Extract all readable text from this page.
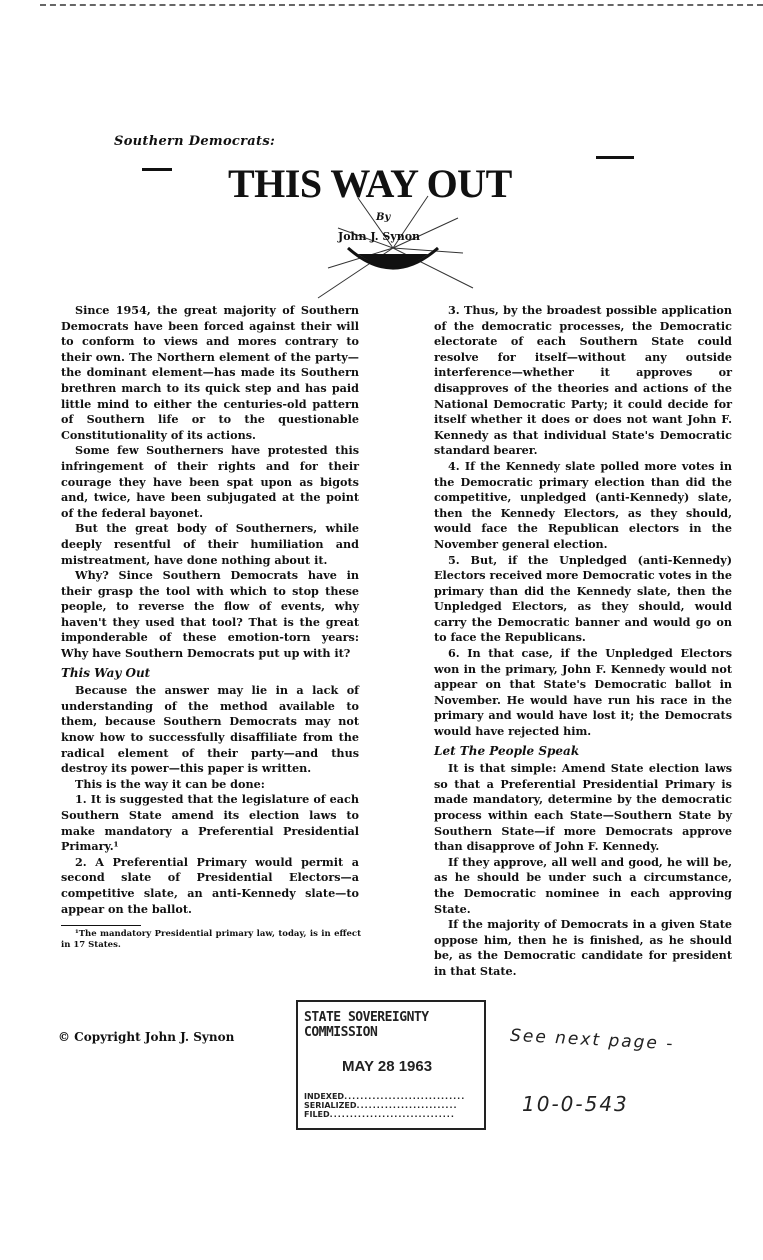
Southern Democrats:
THIS WAY OUT
By
John J. Synon

Since 1954, the great majority of Southern Democrats have been forced against their will to conform to views and mores contrary to their own. The Northern element of the party—the dominant element—has made its Southern brethren march to its quick step and has paid little mind to either the centuries-old pattern of Southern life or to the questionable Constitutionality of its actions.

Some few Southerners have protested this infringement of their rights and for their courage they have been spat upon as bigots and, twice, have been subjugated at the point of the federal bayonet.

But the great body of Southerners, while deeply resentful of their humiliation and mistreatment, have done nothing about it.

Why? Since Southern Democrats have in their grasp the tool with which to stop these people, to reverse the flow of events, why haven't they used that tool? That is the great imponderable of these emotion-torn years: Why have Southern Democrats put up with it?

This Way Out

Because the answer may lie in a lack of understanding of the method available to them, because Southern Democrats may not know how to successfully disaffiliate from the radical element of their party—and thus destroy its power—this paper is written.

This is the way it can be done:

1. It is suggested that the legislature of each Southern State amend its election laws to make mandatory a Preferential Presidential Primary.¹

2. A Preferential Primary would permit a second slate of Presidential Electors—a competitive slate, an anti-Kennedy slate—to appear on the ballot.

¹The mandatory Presidential primary law, today, is in effect in 17 States.

3. Thus, by the broadest possible application of the democratic processes, the Democratic electorate of each Southern State could resolve for itself—without any outside interference—whether it approves or disapproves of the theories and actions of the National Democratic Party; it could decide for itself whether it does or does not want John F. Kennedy as that individual State's Democratic standard bearer.

4. If the Kennedy slate polled more votes in the Democratic primary election than did the competitive, unpledged (anti-Kennedy) slate, then the Kennedy Electors, as they should, would face the Republican electors in the November general election.

5. But, if the Unpledged (anti-Kennedy) Electors received more Democratic votes in the primary than did the Kennedy slate, then the Unpledged Electors, as they should, would carry the Democratic banner and would go on to face the Republicans.

6. In that case, if the Unpledged Electors won in the primary, John F. Kennedy would not appear on that State's Democratic ballot in November. He would have run his race in the primary and would have lost it; the Democrats would have rejected him.

Let The People Speak

It is that simple: Amend State election laws so that a Preferential Presidential Primary is made mandatory, determine by the democratic process within each State—Southern State by Southern State—if more Democrats approve than disapprove of John F. Kennedy.

If they approve, all well and good, he will be, as he should be under such a circumstance, the Democratic nominee in each approving State.

If the majority of Democrats in a given State oppose him, then he is finished, as he should be, as the Democratic candidate for president in that State.

© Copyright John J. Synon
STATE SOVEREIGNTY COMMISSION
MAY 28 1963
INDEXED..............................
SERIALIZED.........................
FILED...............................
See next page -
10-0-543
